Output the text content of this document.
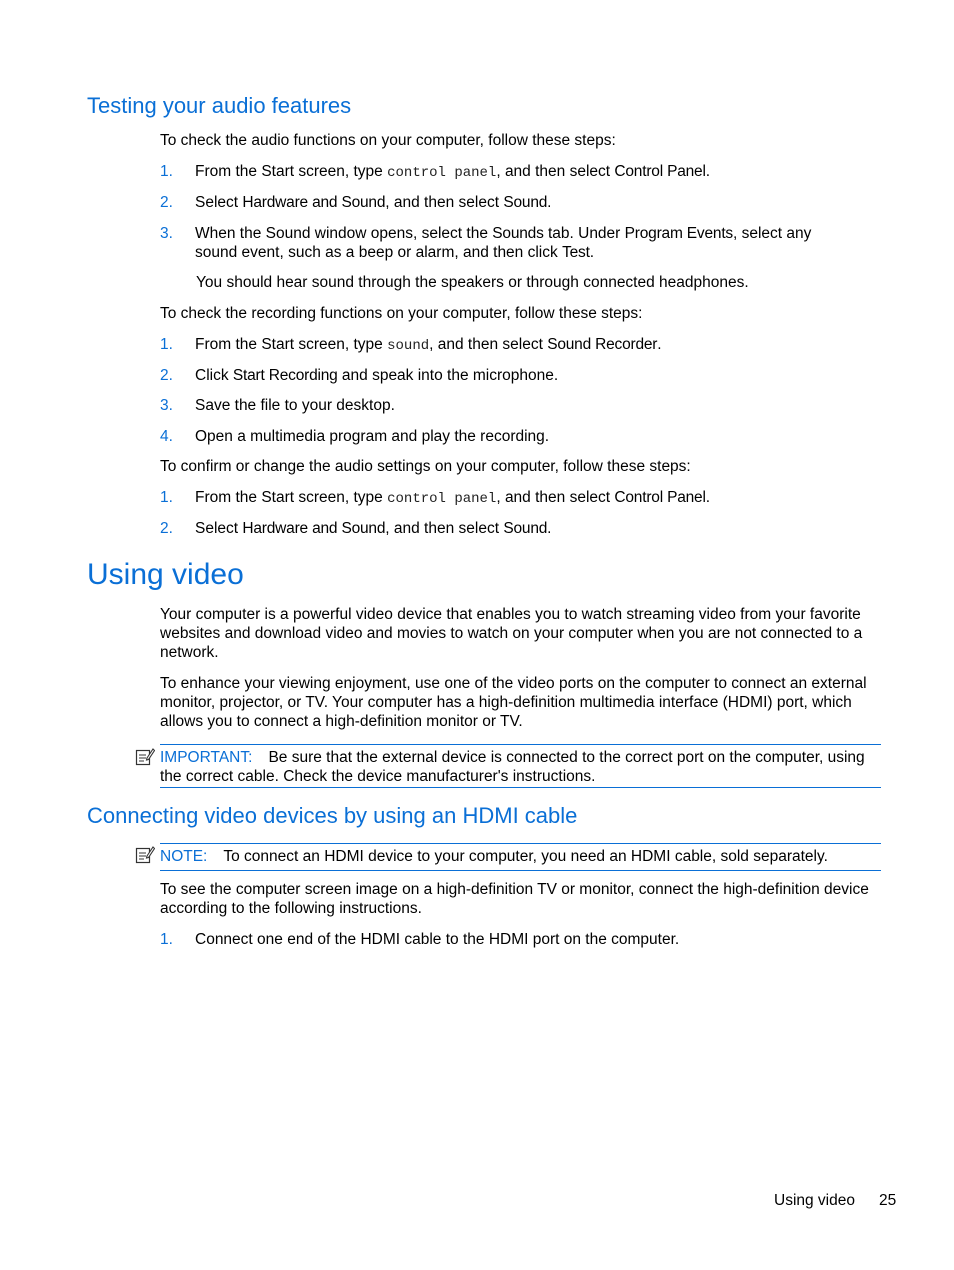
Testing your audio features

To check the audio functions on your computer, follow these steps:

1. From the Start screen, type control panel, and then select Control Panel.
2. Select Hardware and Sound, and then select Sound.
3. When the Sound window opens, select the Sounds tab. Under Program Events, select any sound event, such as a beep or alarm, and then click Test.

You should hear sound through the speakers or through connected headphones.

To check the recording functions on your computer, follow these steps:

1. From the Start screen, type sound, and then select Sound Recorder.
2. Click Start Recording and speak into the microphone.
3. Save the file to your desktop.
4. Open a multimedia program and play the recording.

To confirm or change the audio settings on your computer, follow these steps:

1. From the Start screen, type control panel, and then select Control Panel.
2. Select Hardware and Sound, and then select Sound.
Using video

Your computer is a powerful video device that enables you to watch streaming video from your favorite websites and download video and movies to watch on your computer when you are not connected to a network.

To enhance your viewing enjoyment, use one of the video ports on the computer to connect an external monitor, projector, or TV. Your computer has a high-definition multimedia interface (HDMI) port, which allows you to connect a high-definition monitor or TV.

IMPORTANT: Be sure that the external device is connected to the correct port on the computer, using the correct cable. Check the device manufacturer's instructions.
Connecting video devices by using an HDMI cable
NOTE: To connect an HDMI device to your computer, you need an HDMI cable, sold separately.

To see the computer screen image on a high-definition TV or monitor, connect the high-definition device according to the following instructions.

1. Connect one end of the HDMI cable to the HDMI port on the computer.
Using video 25
